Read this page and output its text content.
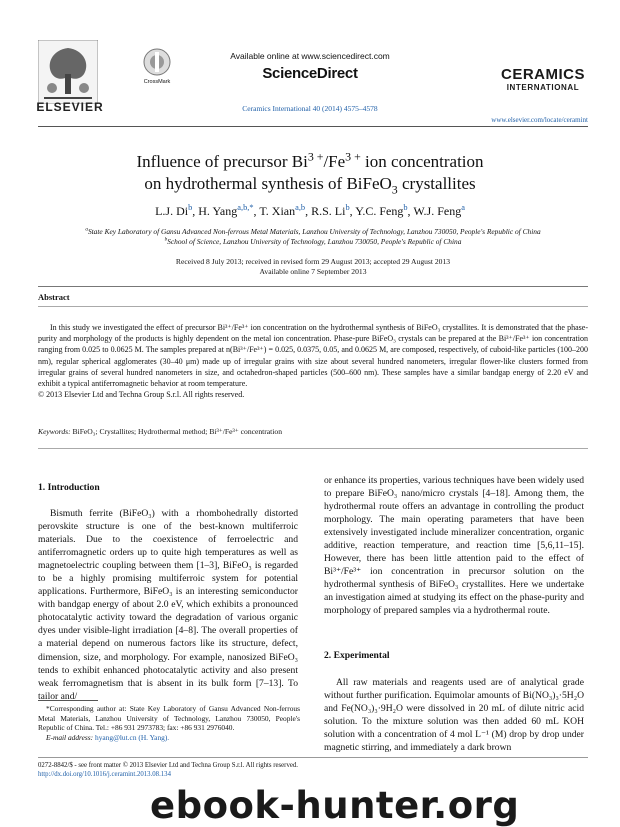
ELSEVIER
CrossMark
Available online at www.sciencedirect.com
ScienceDirect
Ceramics International 40 (2014) 4575–4578
CERAMICS
INTERNATIONAL
www.elsevier.com/locate/ceramint
Influence of precursor $Bi^{3 +}/Fe^{3 +}$ ion concentration
on hydrothermal synthesis of BiFeO$_3$ crystallites
L.J. Di$^b$, H. Yang$^{a,b,*}$, T. Xian$^{a,b}$, R.S. Li$^b$, Y.C. Feng$^b$, W.J. Feng$^a$
$^a$State Key Laboratory of Gansu Advanced Non-ferrous Metal Materials, Lanzhou University of Technology, Lanzhou 730050, People's Republic of China
$^b$School of Science, Lanzhou University of Technology, Lanzhou 730050, People's Republic of China
Received 8 July 2013; received in revised form 29 August 2013; accepted 29 August 2013
Available online 7 September 2013
Abstract

In this study we investigated the effect of precursor Bi³⁺/Fe³⁺ ion concentration on the hydrothermal synthesis of BiFeO₃ crystallites. It is demonstrated that the phase-purity and morphology of the products is highly dependent on the metal ion concentration. Phase-pure BiFeO₃ crystals can be prepared at the Bi³⁺/Fe³⁺ ion concentration ranging from 0.025 to 0.0625 M. The samples prepared at n(Bi³⁺/Fe³⁺) = 0.025, 0.0375, 0.05, and 0.0625 M, are composed, respectively, of cuboid-like particles (100–200 nm), regular spherical agglomerates (30–40 μm) made up of irregular grains with size about several hundred nanometers, irregular flower-like clusters formed from irregular grains of several hundred nanometers in size, and octahedron-shaped particles (500–600 nm). These samples have a similar bandgap energy of 2.20 eV and exhibit a typical antiferromagnetic behavior at room temperature.

© 2013 Elsevier Ltd and Techna Group S.r.l. All rights reserved.

Keywords: BiFeO₃; Crystallites; Hydrothermal method; Bi³⁺/Fe³⁺ concentration
1. Introduction

Bismuth ferrite (BiFeO₃) with a rhombohedrally distorted perovskite structure is one of the best-known multiferroic materials. Due to the coexistence of ferroelectric and antiferromagnetic orders up to quite high temperatures as well as magnetoelectric coupling between them [1–3], BiFeO₃ is regarded to be a highly promising multiferroic system for potential applications. Furthermore, BiFeO₃ is an interesting semiconductor with bandgap energy of about 2.0 eV, which exhibits a pronounced photocatalytic activity toward the degradation of various organic dyes under visible-light irradiation [4–8]. The overall properties of a material depend on numerous factors like its structure, defect, dimension, size, and morphology. For example, nanosized BiFeO₃ tends to exhibit enhanced photocatalytic activity and also present weak ferromagnetism that is absent in its bulk form [7–13]. To tailor and/

or enhance its properties, various techniques have been widely used to prepare BiFeO₃ nano/micro crystals [4–18]. Among them, the hydrothermal route offers an advantage in controlling the product morphology. The main operating parameters that have been extensively investigated include mineralizer concentration, organic additive, reaction temperature, and reaction time [5,6,11–15]. However, there has been little attention paid to the effect of Bi³⁺/Fe³⁺ ion concentration in precursor solution on the hydrothermal synthesis of BiFeO₃ crystallites. Here we undertake an investigation aimed at studying its effect on the phase-purity and morphology of prepared samples via a hydrothermal route.

2. Experimental

All raw materials and reagents used are of analytical grade without further purification. Equimolar amounts of Bi(NO₃)₃·5H₂O and Fe(NO₃)₃·9H₂O were dissolved in 20 mL of dilute nitric acid solution. To the mixture solution was then added 60 mL KOH solution with a concentration of 4 mol L⁻¹ (M) drop by drop under magnetic stirring, and immediately a dark brown

*Corresponding author at: State Key Laboratory of Gansu Advanced Non-ferrous Metal Materials, Lanzhou University of Technology, Lanzhou 730050, People's Republic of China. Tel.: +86 931 2973783; fax: +86 931 2976040.

E-mail address: hyang@lut.cn (H. Yang).

0272-8842/$ - see front matter © 2013 Elsevier Ltd and Techna Group S.r.l. All rights reserved.
http://dx.doi.org/10.1016/j.ceramint.2013.08.134
ebook-hunter.org
